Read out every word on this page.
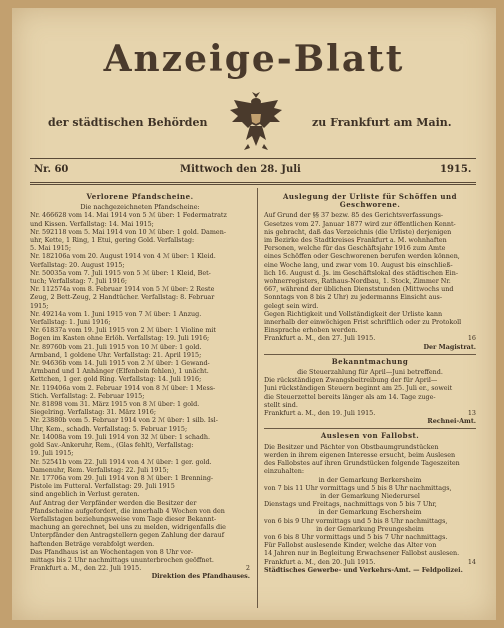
Anzeige-Blatt
der städtischen Behörden	zu Frankfurt am Main.
Nr. 60	Mittwoch den 28. Juli	1915.
Verlorene Pfandscheine.
Die nachgezeichneten Pfandscheine:
Nr. 466628 vom 14. Mai 1914 von 5 ℳ über: 1 Federmatratz
und Kissen. Verfallstag: 14. Mai 1915;
Nr. 592118 vom 5. Mai 1914 von 10 ℳ über: 1 gold. Damen-
uhr, Kette, 1 Ring, 1 Etui, gering Gold. Verfallstag:
5. Mai 1915;
Nr. 182106a vom 20. August 1914 von 4 ℳ über: 1 Kleid.
Verfallstag: 20. August 1915;
Nr. 50035a vom 7. Juli 1915 von 5 ℳ über: 1 Kleid, Bet-
tuch; Verfallstag: 7. Juli 1916;
Nr. 112574a vom 8. Februar 1914 von 5 ℳ über: 2 Reste
Zeug, 2 Bett-Zeug, 2 Handtücher. Verfallstag: 8. Februar
1915;
Nr. 49214a vom 1. Juni 1915 von 7 ℳ über: 1 Anzug.
Verfallstag: 1. Juni 1916;
Nr. 61837a vom 19. Juli 1915 von 2 ℳ über: 1 Violine mit
Bogen im Kasten ohne Erlöh. Verfallstag: 19. Juli 1916;
Nr. 89760b vom 21. Juli 1915 von 10 ℳ über: 1 gold.
Armband, 1 goldene Uhr. Verfallstag: 21. April 1915;
Nr. 94636b vom 14. Juli 1915 von 2 ℳ über: 1 Gewand-
Armband und 1 Anhänger (Elfenbein fehlen), 1 unächt.
Kettchen, 1 ger. gold Ring. Verfallstag: 14. Juli 1916;
Nr. 119406a vom 2. Februar 1914 von 8 ℳ über: 1 Mess-
Stich. Verfallstag: 2. Februar 1915;
Nr. 81898 vom 31. März 1915 von 8 ℳ über: 1 gold.
Siegelring. Verfallstag: 31. März 1916;
Nr. 23880b vom 5. Februar 1914 von 2 ℳ über: 1 silb. Isl-
Uhr, Kem., schadh. Verfallstag: 5. Februar 1915;
Nr. 14008a vom 19. Juli 1914 von 32 ℳ über: 1 schadh.
gold Sav.-Ankeruhr, Rem., (Glas fehlt), Verfallstag:
19. Juli 1915;
Nr. 52541b vom 22. Juli 1914 von 4 ℳ über: 1 ger. gold.
Damenuhr, Rem. Verfallstag: 22. Juli 1915;
Nr. 17706a vom 29. Juli 1914 von 8 ℳ über: 1 Brenning-
Pistole im Futteral. Verfallstag: 29. Juli 1915
sind angeblich in Verlust geraten.
Auf Antrag der Verpfänder werden die Besitzer der
Pfandscheine aufgefordert, die innerhalb 4 Wochen von den
Verfallstagen beziehungsweise vom Tage dieser Bekannt-
machung an gerechnet, bei uns zu melden, widrigenfalls die
Unterpfänder den Antragstellern gegen Zahlung der darauf
haftenden Beträge verabfolgt werden.
Das Pfandhaus ist an Wochentagen von 8 Uhr vor-
mittags bis 2 Uhr nachmittags ununterbrochen geöffnet.
Frankfurt a. M., den 22. Juli 1915.	2
Direktion des Pfandhauses.
Auslegung der Urliste für Schöffen und Geschworene.
Auf Grund der §§ 37 bezw. 85 des Gerichtsverfassungs-
Gesetzes vom 27. Januar 1877 wird zur öffentlichen Kennt-
nis gebracht, daß das Verzeichnis (die Urliste) derjenigen
im Bezirke des Stadtkreises Frankfurt a. M. wohnhaften
Personen, welche für das Geschäftsjahr 1916 zum Amte
eines Schöffen oder Geschworenen berufen werden können,
eine Woche lang, und zwar vom 10. August bis einschließ-
lich 16. August d. Js. im Geschäftslokal des städtischen Ein-
wohnerregisters, Rathaus-Nordbau, 1. Stock, Zimmer Nr.
667, während der üblichen Dienststunden (Mittwochs und
Sonntags von 8 bis 2 Uhr) zu jedermanns Einsicht aus-
gelegt sein wird.
Gegen Richtigkeit und Vollständigkeit der Urliste kann
innerhalb der einwöchigen Frist schriftlich oder zu Protokoll
Einsprache erhoben werden.
Frankfurt a. M., den 27. Juli 1915.	16
Der Magistrat.
Bekanntmachung
die Steuerzahlung für April—Juni betreffend.
Die rückständigen Zwangsbeitreibung der für April—
Juni rückständigen Steuern beginnt am 25. Juli er., soweit
die Steuerzettel bereits länger als am 14. Tage zuge-
stellt sind.
Frankfurt a. M., den 19. Juli 1915.	13
Rechnei-Amt.
Auslesen von Fallobst.
Die Besitzer und Pächter von Obstbaumgrundstücken
werden in ihrem eigenen Interesse ersucht, beim Auslesen
des Fallobstes auf ihren Grundstücken folgende Tageszeiten
einzuhalten:
in der Gemarkung Berkersheim
von 7 bis 11 Uhr vormittags und 5 bis 8 Uhr nachmittags,
in der Gemarkung Niederursel
Dienstags und Freitags, nachmittags von 5 bis 7 Uhr,
in der Gemarkung Eschersheim
von 6 bis 9 Uhr vormittags und 5 bis 8 Uhr nachmittags,
in der Gemarkung Preungesheim
von 6 bis 8 Uhr vormittags und 5 bis 7 Uhr nachmittags.
Für Fallobst auslesende Kinder, welche das Alter von
14 Jahren nur in Begleitung Erwachsener Fallobst auslesen.
Frankfurt a. M., den 20. Juli 1915.	14
Städtisches Gewerbe- und Verkehrs-Amt. — Feldpolizei.
